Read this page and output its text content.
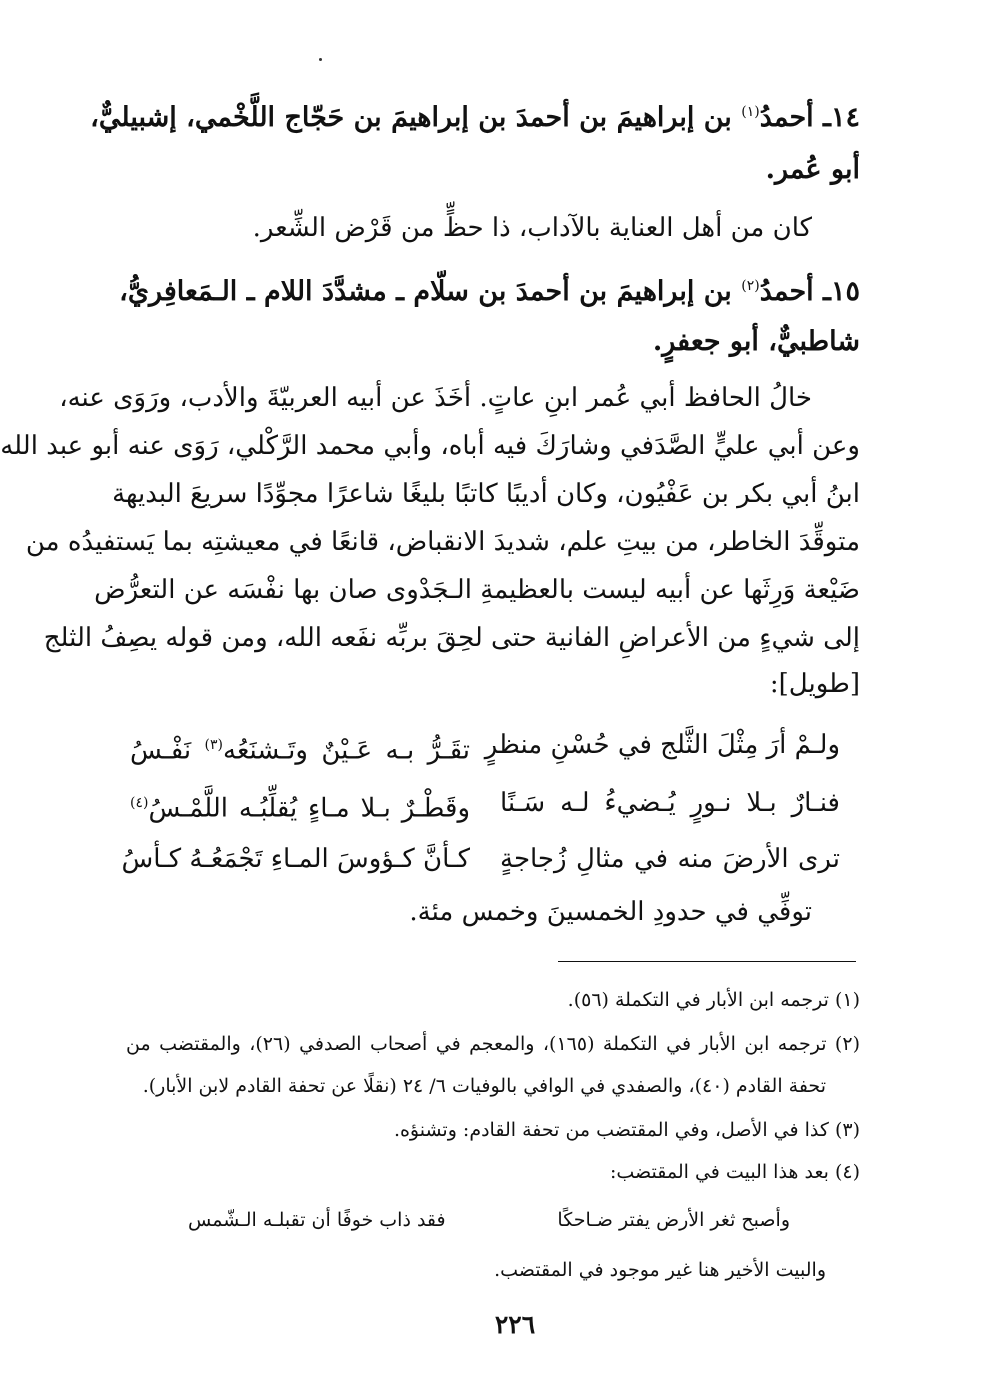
١٤ـ أحمدُ$^{(١)}$ بن إبراهيمَ بن أحمدَ بن إبراهيمَ بن حَجّاج اللَّخْمي، إشبيليٌّ،
أبو عُمر.
كان من أهل العناية بالآداب، ذا حظٍّ من قَرْض الشِّعر.
١٥ـ أحمدُ$^{(٢)}$ بن إبراهيمَ بن أحمدَ بن سلّام ـ مشدَّدَ اللام ـ الـمَعافِريُّ،
شاطبيٌّ، أبو جعفرٍ.
خالُ الحافظ أبي عُمر ابنِ عاتٍ. أخَذَ عن أبيه العربيّةَ والأدب، ورَوَى عنه،
وعن أبي عليٍّ الصَّدَفي وشارَكَ فيه أباه، وأبي محمد الرَّكْلي، رَوَى عنه أبو عبد الله
ابنُ أبي بكر بن عَفْيُون، وكان أديبًا كاتبًا بليغًا شاعرًا مجوِّدًا سريعَ البديهة
متوقِّدَ الخاطر، من بيتِ علم، شديدَ الانقباض، قانعًا في معيشتِه بما يَستفيدُه من
ضَيْعة وَرِثَها عن أبيه ليست بالعظيمةِ الـجَدْوى صان بها نفْسَه عن التعرُّض
إلى شيءٍ من الأعراضِ الفانية حتى لحِقَ بربِّه نفَعه الله، ومن قوله يصِفُ الثلج
[طويل]:
ولـمْ أرَ مِثْلَ الثَّلج في حُسْنِ منظرٍ
تقَـرُّ بـه عَـيْنٌ وتَـشنَعُه$^{(٣)}$ نَفْـسُ
فنـارٌ بـلا نـورٍ يُـضيءُ لـه سَـنًا
وقَطْـرٌ بـلا مـاءٍ يُقلِّبُـه اللَّمْـسُ$^{(٤)}$
ترى الأرضَ منه في مثالِ زُجاجةٍ
كـأنَّ كـؤوسَ المـاءِ تَجْمَعُـهُ كـأسُ
توفِّي في حدودِ الخمسينَ وخمس مئة.
(١) ترجمه ابن الأبار في التكملة (٥٦).
(٢) ترجمه ابن الأبار في التكملة (١٦٥)، والمعجم في أصحاب الصدفي (٢٦)، والمقتضب من
تحفة القادم (٤٠)، والصفدي في الوافي بالوفيات ٦/ ٢٤ (نقلًا عن تحفة القادم لابن الأبار).
(٣) كذا في الأصل، وفي المقتضب من تحفة القادم: وتشنؤه.
(٤) بعد هذا البيت في المقتضب:
وأصبح ثغر الأرض يفتر ضـاحكًا
فقد ذاب خوفًا أن تقبلـه الـشّمس
والبيت الأخير هنا غير موجود في المقتضب.
٢٢٦
